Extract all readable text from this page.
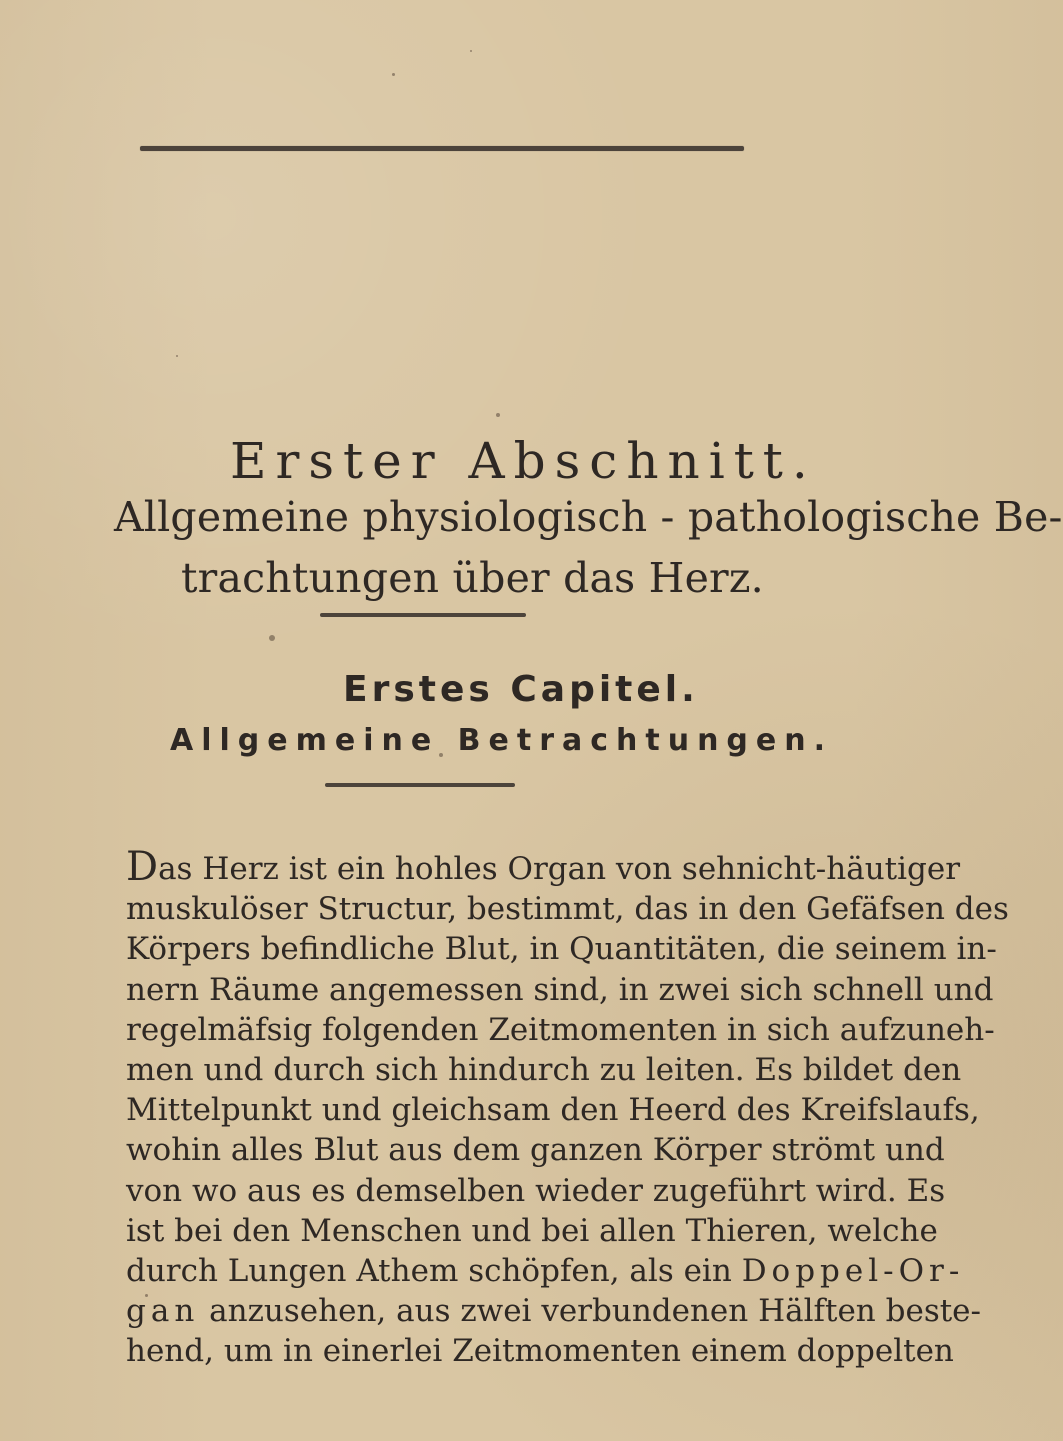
Erster Abschnitt.
Allgemeine physiologisch - pathologische Be-
trachtungen über das Herz.
Erstes Capitel.
Allgemeine Betrachtungen.
Das Herz ist ein hohles Organ von sehnicht-häutiger
muskulöser Structur, bestimmt, das in den Gefäfsen des
Körpers befindliche Blut, in Quantitäten, die seinem in-
nern Räume angemessen sind, in zwei sich schnell und
regelmäfsig folgenden Zeitmomenten in sich aufzuneh-
men und durch sich hindurch zu leiten. Es bildet den
Mittelpunkt und gleichsam den Heerd des Kreifslaufs,
wohin alles Blut aus dem ganzen Körper strömt und
von wo aus es demselben wieder zugeführt wird. Es
ist bei den Menschen und bei allen Thieren, welche
durch Lungen Athem schöpfen, als ein Doppel-Or-
gan anzusehen, aus zwei verbundenen Hälften beste-
hend, um in einerlei Zeitmomenten einem doppelten
